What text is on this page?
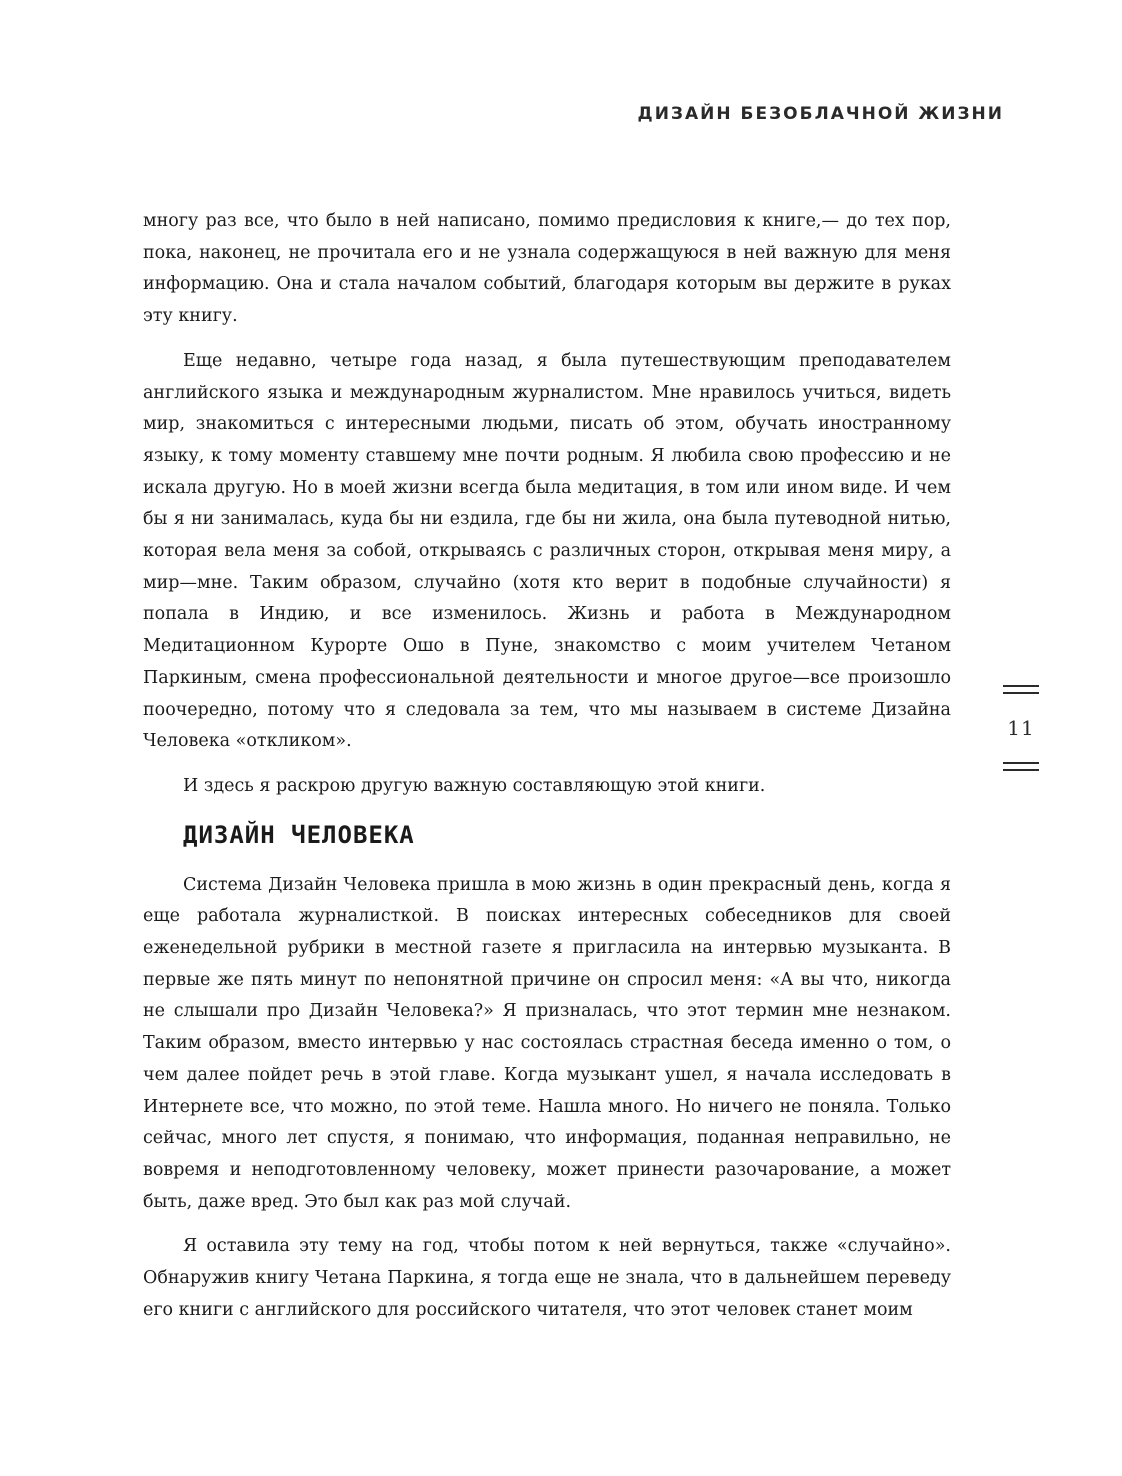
ДИЗАЙН БЕЗОБЛАЧНОЙ ЖИЗНИ

многу раз все, что было в ней написано, помимо предисловия к книге,— до тех пор, пока, наконец, не прочитала его и не узнала содержащуюся в ней важную для меня информацию. Она и стала началом событий, благодаря которым вы держите в руках эту книгу.

Еще недавно, четыре года назад, я была путешествующим преподавателем английского языка и международным журналистом. Мне нравилось учиться, видеть мир, знакомиться с интересными людьми, писать об этом, обучать иностранному языку, к тому моменту ставшему мне почти родным. Я любила свою профессию и не искала другую. Но в моей жизни всегда была медитация, в том или ином виде. И чем бы я ни занималась, куда бы ни ездила, где бы ни жила, она была путеводной нитью, которая вела меня за собой, открываясь с различных сторон, открывая меня миру, а мир—мне. Таким образом, случайно (хотя кто верит в подобные случайности) я попала в Индию, и все изменилось. Жизнь и работа в Международном Медитационном Курорте Ошо в Пуне, знакомство с моим учителем Четаном Паркиным, смена профессиональной деятельности и многое другое—все произошло поочередно, потому что я следовала за тем, что мы называем в системе Дизайна Человека «откликом».

И здесь я раскрою другую важную составляющую этой книги.

ДИЗАЙН ЧЕЛОВЕКА

Система Дизайн Человека пришла в мою жизнь в один прекрасный день, когда я еще работала журналисткой. В поисках интересных собеседников для своей еженедельной рубрики в местной газете я пригласила на интервью музыканта. В первые же пять минут по непонятной причине он спросил меня: «А вы что, никогда не слышали про Дизайн Человека?» Я призналась, что этот термин мне незнаком. Таким образом, вместо интервью у нас состоялась страстная беседа именно о том, о чем далее пойдет речь в этой главе. Когда музыкант ушел, я начала исследовать в Интернете все, что можно, по этой теме. Нашла много. Но ничего не поняла. Только сейчас, много лет спустя, я понимаю, что информация, поданная неправильно, не вовремя и неподготовленному человеку, может принести разочарование, а может быть, даже вред. Это был как раз мой случай.

Я оставила эту тему на год, чтобы потом к ней вернуться, также «случайно». Обнаружив книгу Четана Паркина, я тогда еще не знала, что в дальнейшем переведу его книги с английского для российского читателя, что этот человек станет моим

11
